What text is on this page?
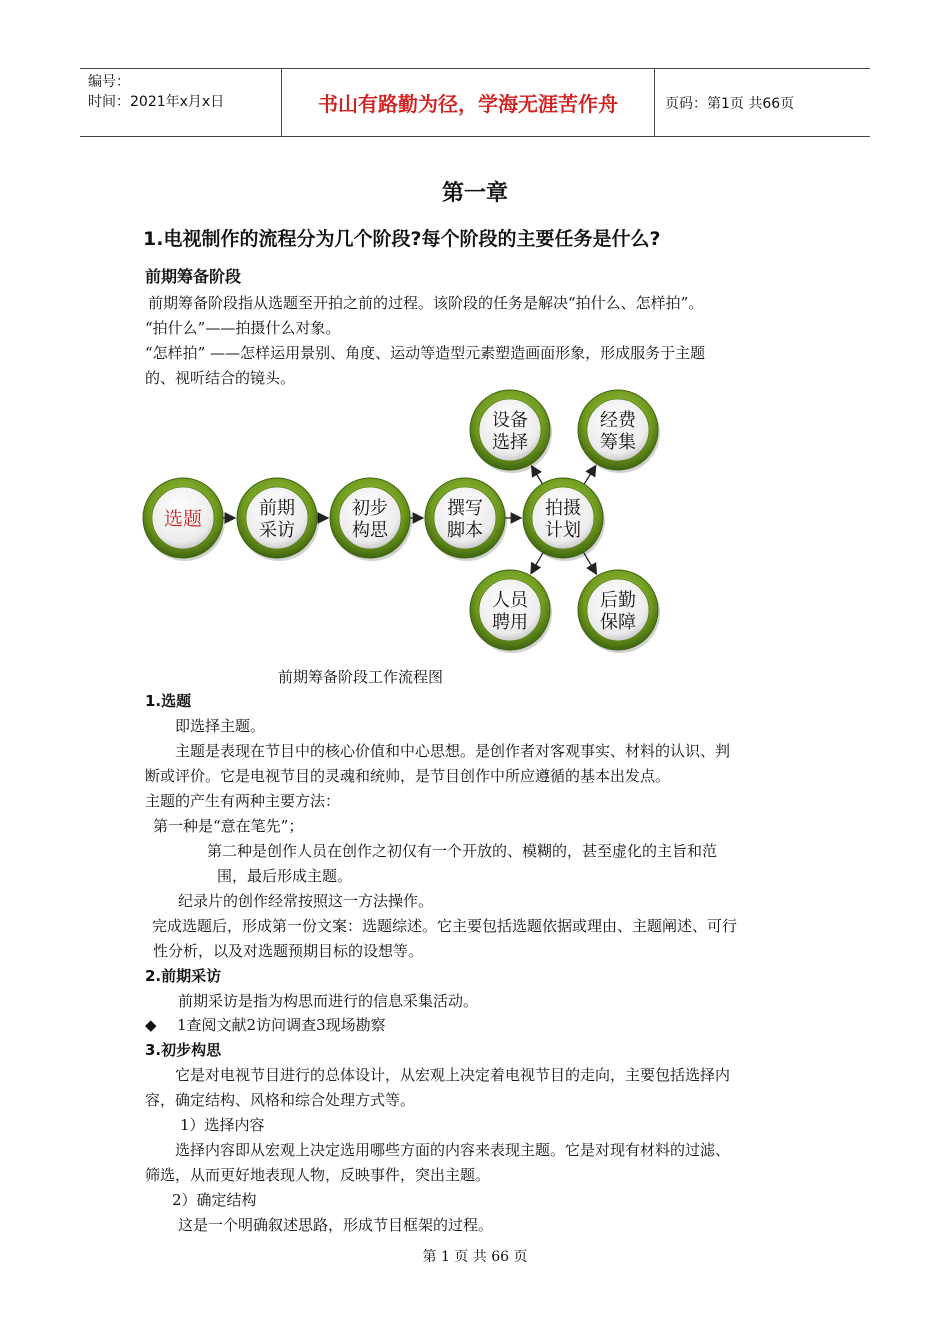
编号：
时间：2021年x月x日	书山有路勤为径，学海无涯苦作舟	页码：第1页 共66页
第一章
1.电视制作的流程分为几个阶段?每个阶段的主要任务是什么?
前期筹备阶段
前期筹备阶段指从选题至开拍之前的过程。该阶段的任务是解决“拍什么、怎样拍”。
“拍什么”——拍摄什么对象。
“怎样拍” ——怎样运用景别、角度、运动等造型元素塑造画面形象，形成服务于主题
的、视听结合的镜头。
选题	前期
采访
初步
构思
撰写
脚本
拍摄
计划
设备
选择
经费
筹集
人员
聘用
后勤
保障
前期筹备阶段工作流程图
1.选题
即选择主题。
主题是表现在节目中的核心价值和中心思想。是创作者对客观事实、材料的认识、判
断或评价。它是电视节目的灵魂和统帅，是节目创作中所应遵循的基本出发点。
主题的产生有两种主要方法：
第一种是“意在笔先”；
第二种是创作人员在创作之初仅有一个开放的、模糊的，甚至虚化的主旨和范
围，最后形成主题。
纪录片的创作经常按照这一方法操作。
完成选题后，形成第一份文案：选题综述。它主要包括选题依据或理由、主题阐述、可行
性分析，以及对选题预期目标的设想等。
2.前期采访
前期采访是指为构思而进行的信息采集活动。
◆ 1查阅文献2访问调查3现场勘察
3.初步构思
它是对电视节目进行的总体设计，从宏观上决定着电视节目的走向，主要包括选择内
容，确定结构、风格和综合处理方式等。
1）选择内容
选择内容即从宏观上决定选用哪些方面的内容来表现主题。它是对现有材料的过滤、
筛选，从而更好地表现人物，反映事件，突出主题。
2）确定结构
这是一个明确叙述思路，形成节目框架的过程。
第 1 页 共 66 页
